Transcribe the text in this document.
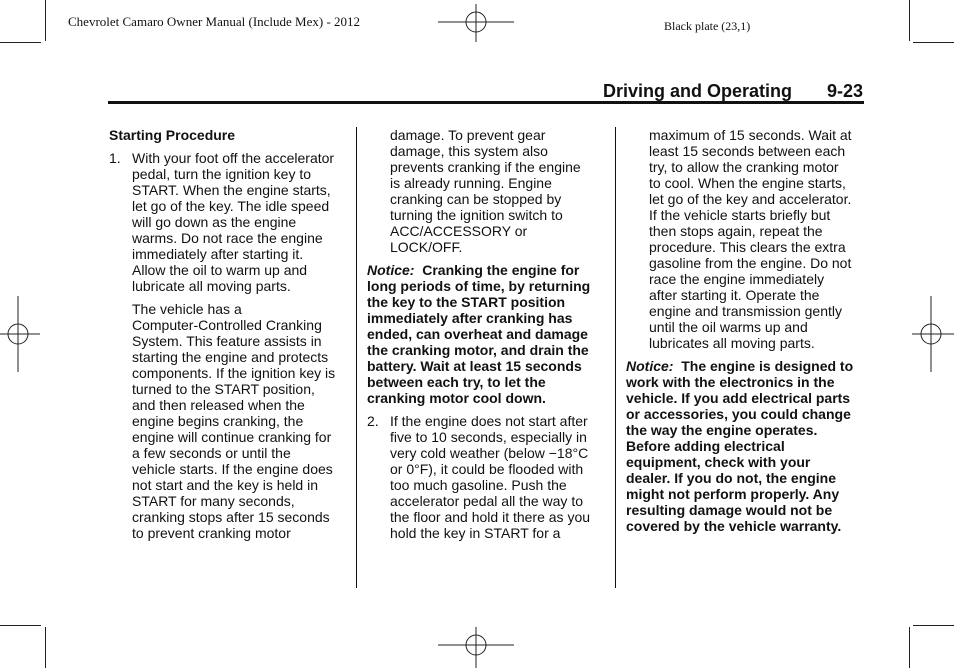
Chevrolet Camaro Owner Manual (Include Mex) - 2012	Black plate (23,1)
Driving and Operating 9-23

Starting Procedure

1. With your foot off the accelerator

pedal, turn the ignition key to

START. When the engine starts,

let go of the key. The idle speed

will go down as the engine

warms. Do not race the engine

immediately after starting it.

Allow the oil to warm up and

lubricate all moving parts.

The vehicle has a

Computer-Controlled Cranking

System. This feature assists in

starting the engine and protects

components. If the ignition key is

turned to the START position,

and then released when the

engine begins cranking, the

engine will continue cranking for

a few seconds or until the

vehicle starts. If the engine does

not start and the key is held in

START for many seconds,

cranking stops after 15 seconds

to prevent cranking motor

damage. To prevent gear

damage, this system also

prevents cranking if the engine

is already running. Engine

cranking can be stopped by

turning the ignition switch to

ACC/ACCESSORY or

LOCK/OFF.

Notice: Cranking the engine for

long periods of time, by returning

the key to the START position

immediately after cranking has

ended, can overheat and damage

the cranking motor, and drain the

battery. Wait at least 15 seconds

between each try, to let the

cranking motor cool down.

2. If the engine does not start after

five to 10 seconds, especially in

very cold weather (below −18°C

or 0°F), it could be flooded with

too much gasoline. Push the

accelerator pedal all the way to

the floor and hold it there as you

hold the key in START for a

maximum of 15 seconds. Wait at

least 15 seconds between each

try, to allow the cranking motor

to cool. When the engine starts,

let go of the key and accelerator.

If the vehicle starts briefly but

then stops again, repeat the

procedure. This clears the extra

gasoline from the engine. Do not

race the engine immediately

after starting it. Operate the

engine and transmission gently

until the oil warms up and

lubricates all moving parts.

Notice: The engine is designed to

work with the electronics in the

vehicle. If you add electrical parts

or accessories, you could change

the way the engine operates.

Before adding electrical

equipment, check with your

dealer. If you do not, the engine

might not perform properly. Any

resulting damage would not be

covered by the vehicle warranty.
